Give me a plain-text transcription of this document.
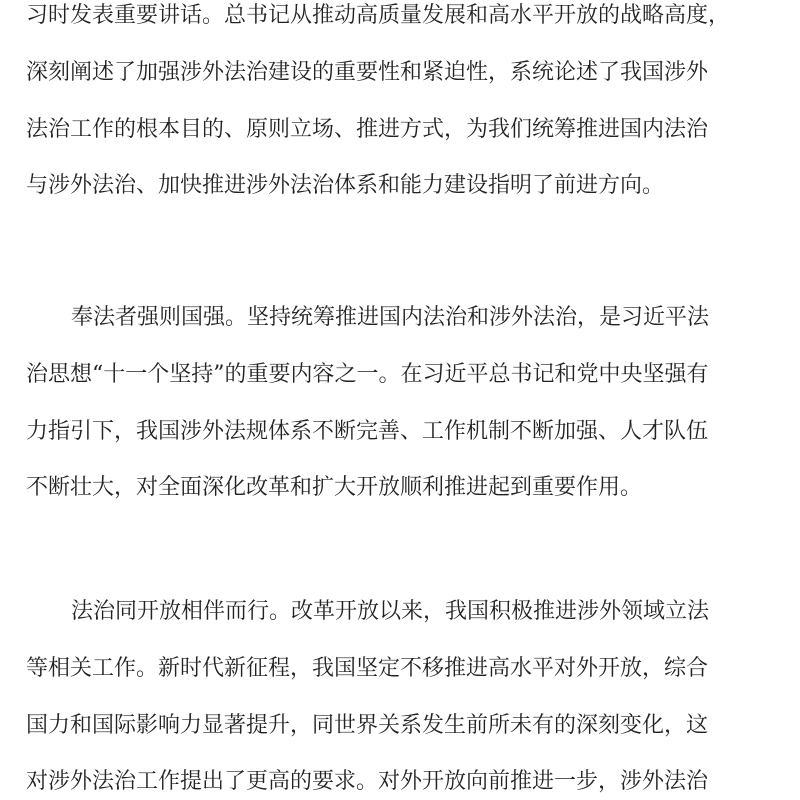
习时发表重要讲话。总书记从推动高质量发展和高水平开放的战略高度，
深刻阐述了加强涉外法治建设的重要性和紧迫性，系统论述了我国涉外
法治工作的根本目的、原则立场、推进方式，为我们统筹推进国内法治
与涉外法治、加快推进涉外法治体系和能力建设指明了前进方向。
奉法者强则国强。坚持统筹推进国内法治和涉外法治，是习近平法
治思想“十一个坚持”的重要内容之一。在习近平总书记和党中央坚强有
力指引下，我国涉外法规体系不断完善、工作机制不断加强、人才队伍
不断壮大，对全面深化改革和扩大开放顺利推进起到重要作用。
法治同开放相伴而行。改革开放以来，我国积极推进涉外领域立法
等相关工作。新时代新征程，我国坚定不移推进高水平对外开放，综合
国力和国际影响力显著提升，同世界关系发生前所未有的深刻变化，这
对涉外法治工作提出了更高的要求。对外开放向前推进一步，涉外法治
